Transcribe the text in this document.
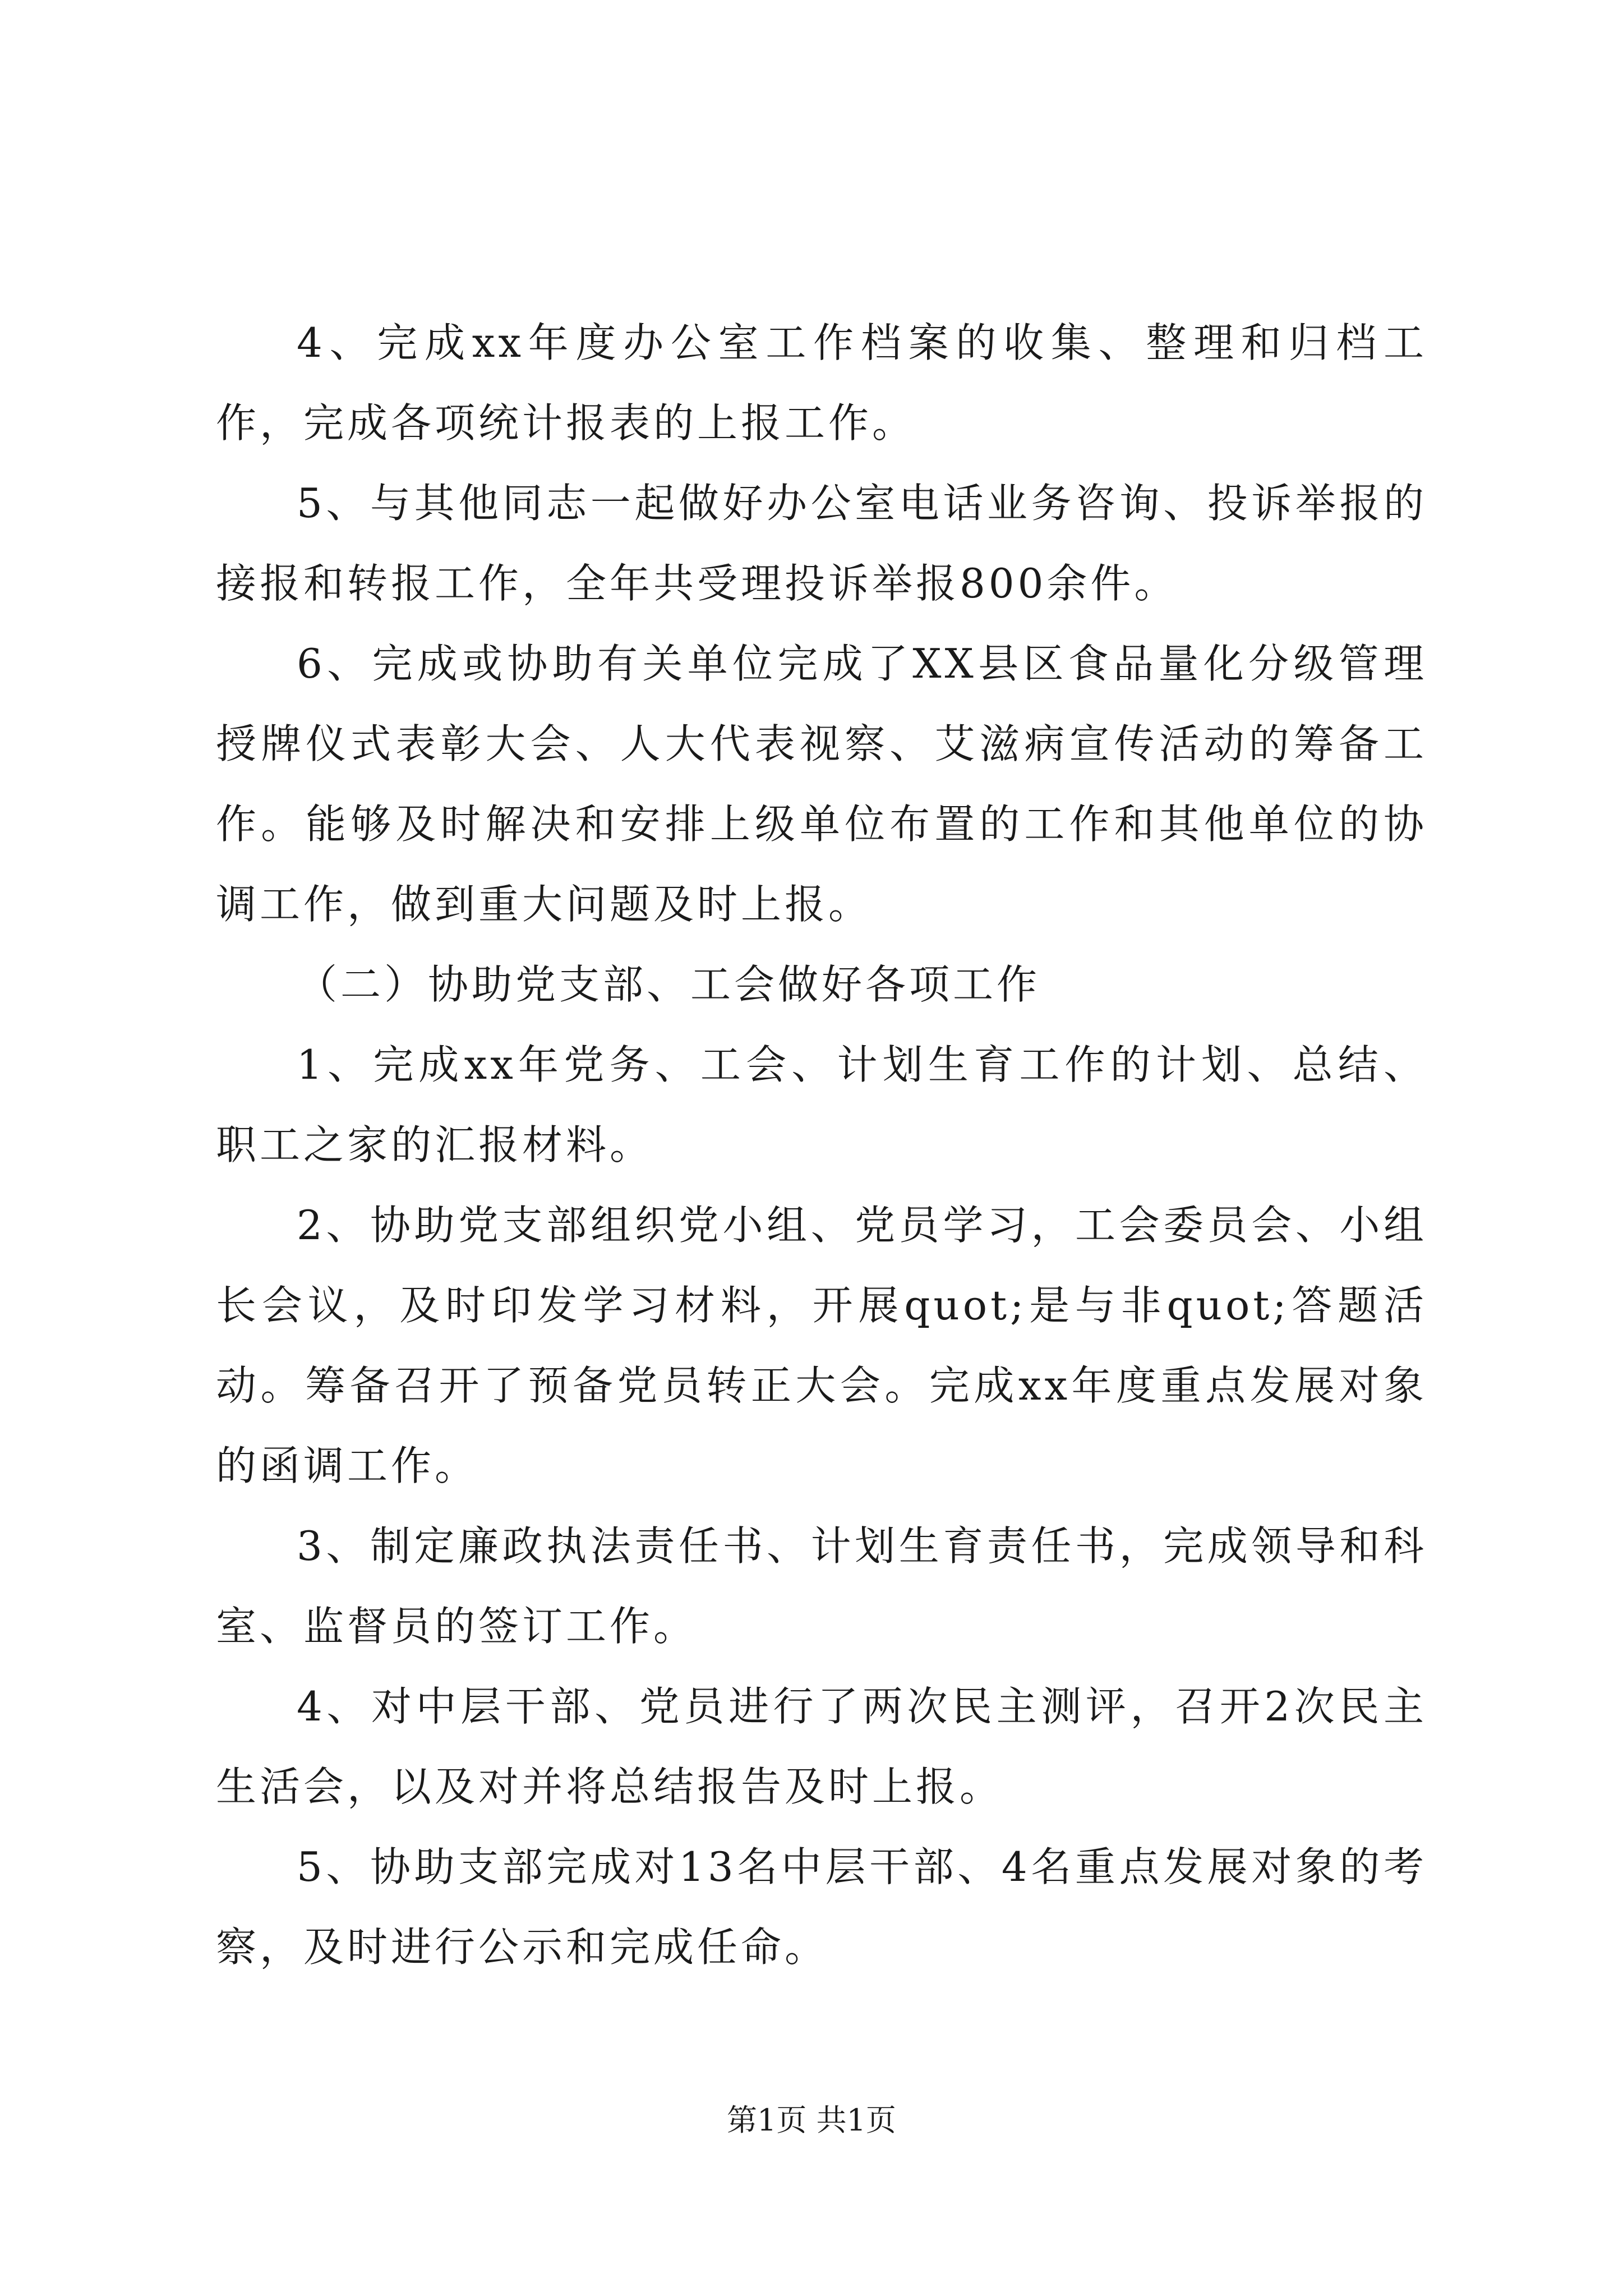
4、完成xx年度办公室工作档案的收集、整理和归档工作，完成各项统计报表的上报工作。

5、与其他同志一起做好办公室电话业务咨询、投诉举报的接报和转报工作，全年共受理投诉举报800余件。

6、完成或协助有关单位完成了XX县区食品量化分级管理授牌仪式表彰大会、人大代表视察、艾滋病宣传活动的筹备工作。能够及时解决和安排上级单位布置的工作和其他单位的协调工作，做到重大问题及时上报。

（二）协助党支部、工会做好各项工作

1、完成xx年党务、工会、计划生育工作的计划、总结、职工之家的汇报材料。

2、协助党支部组织党小组、党员学习，工会委员会、小组长会议，及时印发学习材料，开展quot;是与非quot;答题活动。筹备召开了预备党员转正大会。完成xx年度重点发展对象的函调工作。

3、制定廉政执法责任书、计划生育责任书，完成领导和科室、监督员的签订工作。

4、对中层干部、党员进行了两次民主测评，召开2次民主生活会，以及对并将总结报告及时上报。

5、协助支部完成对13名中层干部、4名重点发展对象的考察，及时进行公示和完成任命。

第1页 共1页
